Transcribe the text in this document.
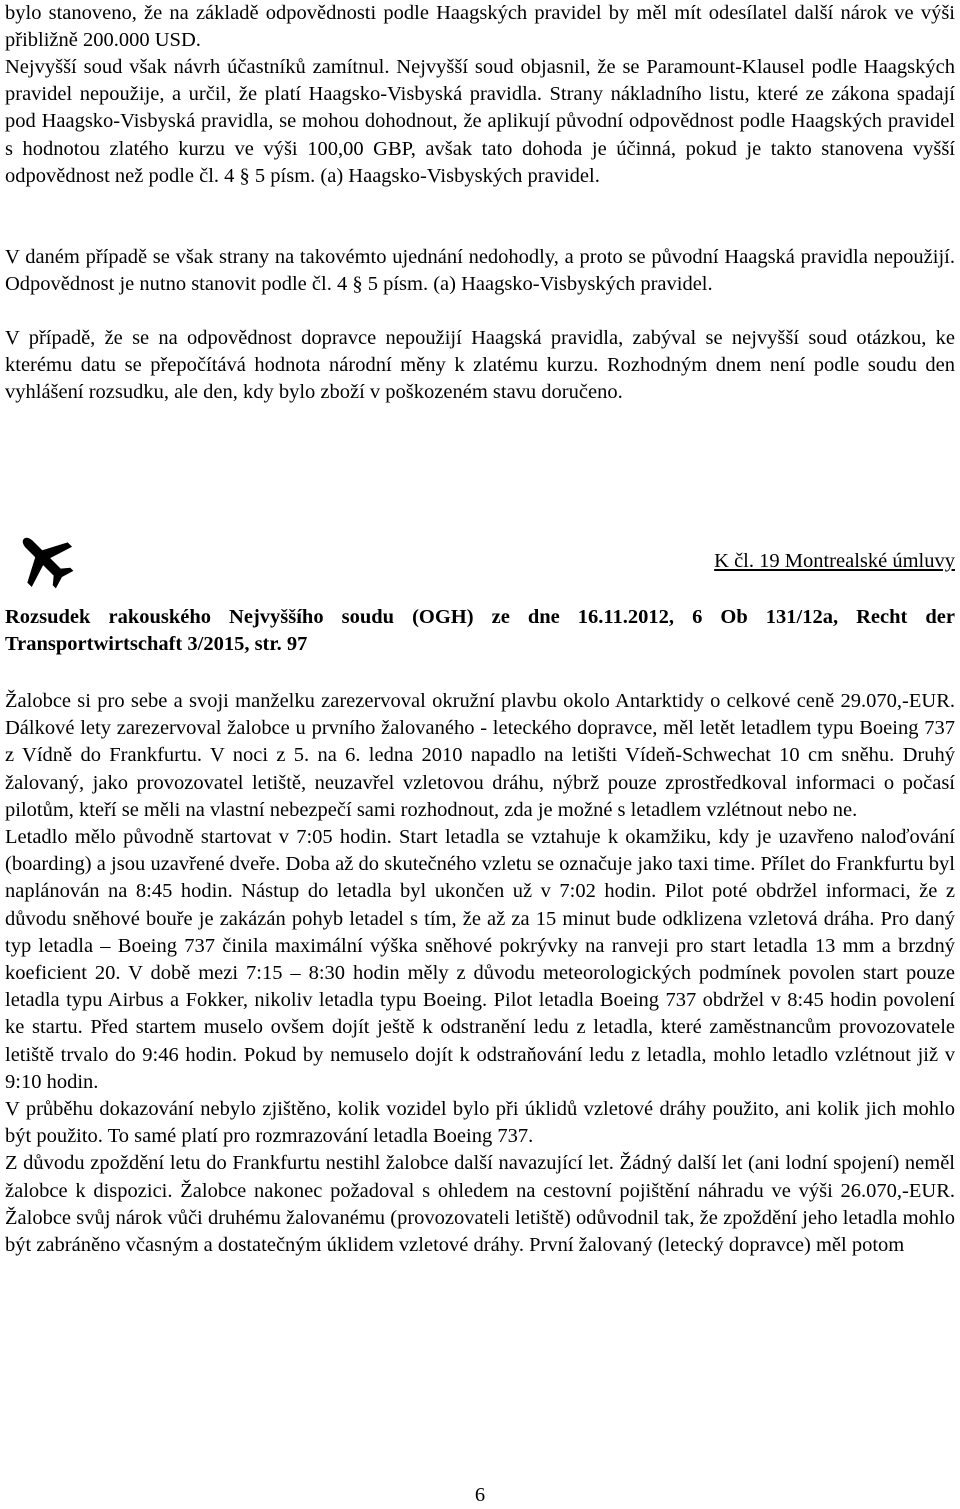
bylo stanoveno, že na základě odpovědnosti podle Haagských pravidel by měl mít odesílatel další nárok ve výši přibližně 200.000 USD.

Nejvyšší soud však návrh účastníků zamítnul. Nejvyšší soud objasnil, že se Paramount-Klausel podle Haagských pravidel nepoužije, a určil, že platí Haagsko-Visbyská pravidla. Strany nákladního listu, které ze zákona spadají pod Haagsko-Visbyská pravidla, se mohou dohodnout, že aplikují původní odpovědnost podle Haagských pravidel s hodnotou zlatého kurzu ve výši 100,00 GBP, avšak tato dohoda je účinná, pokud je takto stanovena vyšší odpovědnost než podle čl. 4 § 5 písm. (a) Haagsko-Visbyských pravidel.

V daném případě se však strany na takovémto ujednání nedohodly, a proto se původní Haagská pravidla nepoužijí. Odpovědnost je nutno stanovit podle čl. 4 § 5 písm. (a) Haagsko-Visbyských pravidel.

V případě, že se na odpovědnost dopravce nepoužijí Haagská pravidla, zabýval se nejvyšší soud otázkou, ke kterému datu se přepočítává hodnota národní měny k zlatému kurzu. Rozhodným dnem není podle soudu den vyhlášení rozsudku, ale den, kdy bylo zboží v poškozeném stavu doručeno.

K čl. 19 Montrealské úmluvy

Rozsudek rakouského Nejvyššího soudu (OGH) ze dne 16.11.2012, 6 Ob 131/12a, Recht der Transportwirtschaft 3/2015, str. 97

Žalobce si pro sebe a svoji manželku zarezervoval okružní plavbu okolo Antarktidy o celkové ceně 29.070,-EUR. Dálkové lety zarezervoval žalobce u prvního žalovaného - leteckého dopravce, měl letět letadlem typu Boeing 737 z Vídně do Frankfurtu. V noci z 5. na 6. ledna 2010 napadlo na letišti Vídeň-Schwechat 10 cm sněhu. Druhý žalovaný, jako provozovatel letiště, neuzavřel vzletovou dráhu, nýbrž pouze zprostředkoval informaci o počasí pilotům, kteří se měli na vlastní nebezpečí sami rozhodnout, zda je možné s letadlem vzlétnout nebo ne.

Letadlo mělo původně startovat v 7:05 hodin. Start letadla se vztahuje k okamžiku, kdy je uzavřeno naloďování (boarding) a jsou uzavřené dveře. Doba až do skutečného vzletu se označuje jako taxi time. Přílet do Frankfurtu byl naplánován na 8:45 hodin. Nástup do letadla byl ukončen už v 7:02 hodin. Pilot poté obdržel informaci, že z důvodu sněhové bouře je zakázán pohyb letadel s tím, že až za 15 minut bude odklizena vzletová dráha. Pro daný typ letadla – Boeing 737 činila maximální výška sněhové pokrývky na ranveji pro start letadla 13 mm a brzdný koeficient 20. V době mezi 7:15 – 8:30 hodin měly z důvodu meteorologických podmínek povolen start pouze letadla typu Airbus a Fokker, nikoliv letadla typu Boeing. Pilot letadla Boeing 737 obdržel v 8:45 hodin povolení ke startu. Před startem muselo ovšem dojít ještě k odstranění ledu z letadla, které zaměstnancům provozovatele letiště trvalo do 9:46 hodin. Pokud by nemuselo dojít k odstraňování ledu z letadla, mohlo letadlo vzlétnout již v 9:10 hodin.

V průběhu dokazování nebylo zjištěno, kolik vozidel bylo při úklidů vzletové dráhy použito, ani kolik jich mohlo být použito. To samé platí pro rozmrazování letadla Boeing 737.

Z důvodu zpoždění letu do Frankfurtu nestihl žalobce další navazující let. Žádný další let (ani lodní spojení) neměl žalobce k dispozici. Žalobce nakonec požadoval s ohledem na cestovní pojištění náhradu ve výši 26.070,-EUR. Žalobce svůj nárok vůči druhému žalovanému (provozovateli letiště) odůvodnil tak, že zpoždění jeho letadla mohlo být zabráněno včasným a dostatečným úklidem vzletové dráhy. První žalovaný (letecký dopravce) měl potom

6
